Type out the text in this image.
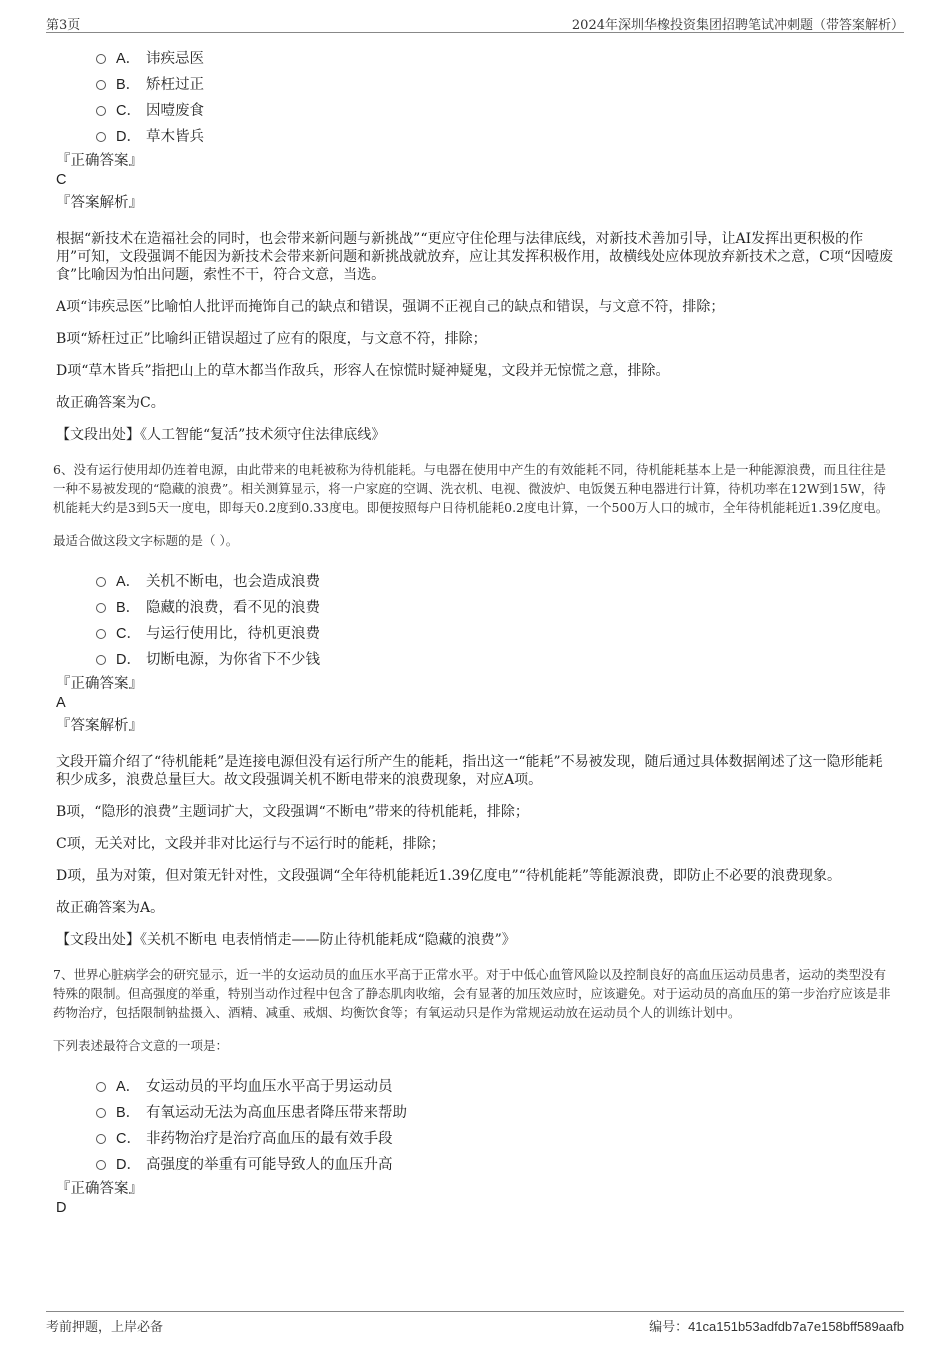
第3页	2024年深圳华橡投资集团招聘笔试冲刺题（带答案解析）
A． 讳疾忌医
B． 矫枉过正
C． 因噎废食
D． 草木皆兵
『正确答案』
C
『答案解析』
根据“新技术在造福社会的同时，也会带来新问题与新挑战”“更应守住伦理与法律底线，对新技术善加引导，让AI发挥出更积极的作用”可知，文段强调不能因为新技术会带来新问题和新挑战就放弃，应让其发挥积极作用，故横线处应体现放弃新技术之意，C项“因噎废食”比喻因为怕出问题，索性不干，符合文意，当选。
A项“讳疾忌医”比喻怕人批评而掩饰自己的缺点和错误，强调不正视自己的缺点和错误，与文意不符，排除；
B项“矫枉过正”比喻纠正错误超过了应有的限度，与文意不符，排除；
D项“草木皆兵”指把山上的草木都当作敌兵，形容人在惊慌时疑神疑鬼，文段并无惊慌之意，排除。
故正确答案为C。
【文段出处】《人工智能“复活”技术须守住法律底线》
6、没有运行使用却仍连着电源，由此带来的电耗被称为待机能耗。与电器在使用中产生的有效能耗不同，待机能耗基本上是一种能源浪费，而且往往是一种不易被发现的“隐藏的浪费”。相关测算显示，将一户家庭的空调、洗衣机、电视、微波炉、电饭煲五种电器进行计算，待机功率在12W到15W，待机能耗大约是3到5天一度电，即每天0.2度到0.33度电。即便按照每户日待机能耗0.2度电计算，一个500万人口的城市，全年待机能耗近1.39亿度电。
最适合做这段文字标题的是（ ）。
A． 关机不断电，也会造成浪费
B． 隐藏的浪费，看不见的浪费
C． 与运行使用比，待机更浪费
D． 切断电源，为你省下不少钱
『正确答案』
A
『答案解析』
文段开篇介绍了“待机能耗”是连接电源但没有运行所产生的能耗，指出这一“能耗”不易被发现，随后通过具体数据阐述了这一隐形能耗积少成多，浪费总量巨大。故文段强调关机不断电带来的浪费现象，对应A项。
B项，“隐形的浪费”主题词扩大，文段强调“不断电”带来的待机能耗，排除；
C项，无关对比，文段并非对比运行与不运行时的能耗，排除；
D项，虽为对策，但对策无针对性，文段强调“全年待机能耗近1.39亿度电”“待机能耗”等能源浪费，即防止不必要的浪费现象。
故正确答案为A。
【文段出处】《关机不断电 电表悄悄走——防止待机能耗成“隐藏的浪费”》
7、世界心脏病学会的研究显示，近一半的女运动员的血压水平高于正常水平。对于中低心血管风险以及控制良好的高血压运动员患者，运动的类型没有特殊的限制。但高强度的举重，特别当动作过程中包含了静态肌肉收缩，会有显著的加压效应时，应该避免。对于运动员的高血压的第一步治疗应该是非药物治疗，包括限制钠盐摄入、酒精、减重、戒烟、均衡饮食等；有氧运动只是作为常规运动放在运动员个人的训练计划中。
下列表述最符合文意的一项是：
A． 女运动员的平均血压水平高于男运动员
B． 有氧运动无法为高血压患者降压带来帮助
C． 非药物治疗是治疗高血压的最有效手段
D． 高强度的举重有可能导致人的血压升高
『正确答案』
D
考前押题，上岸必备	编号：41ca151b53adfdb7a7e158bff589aafb
